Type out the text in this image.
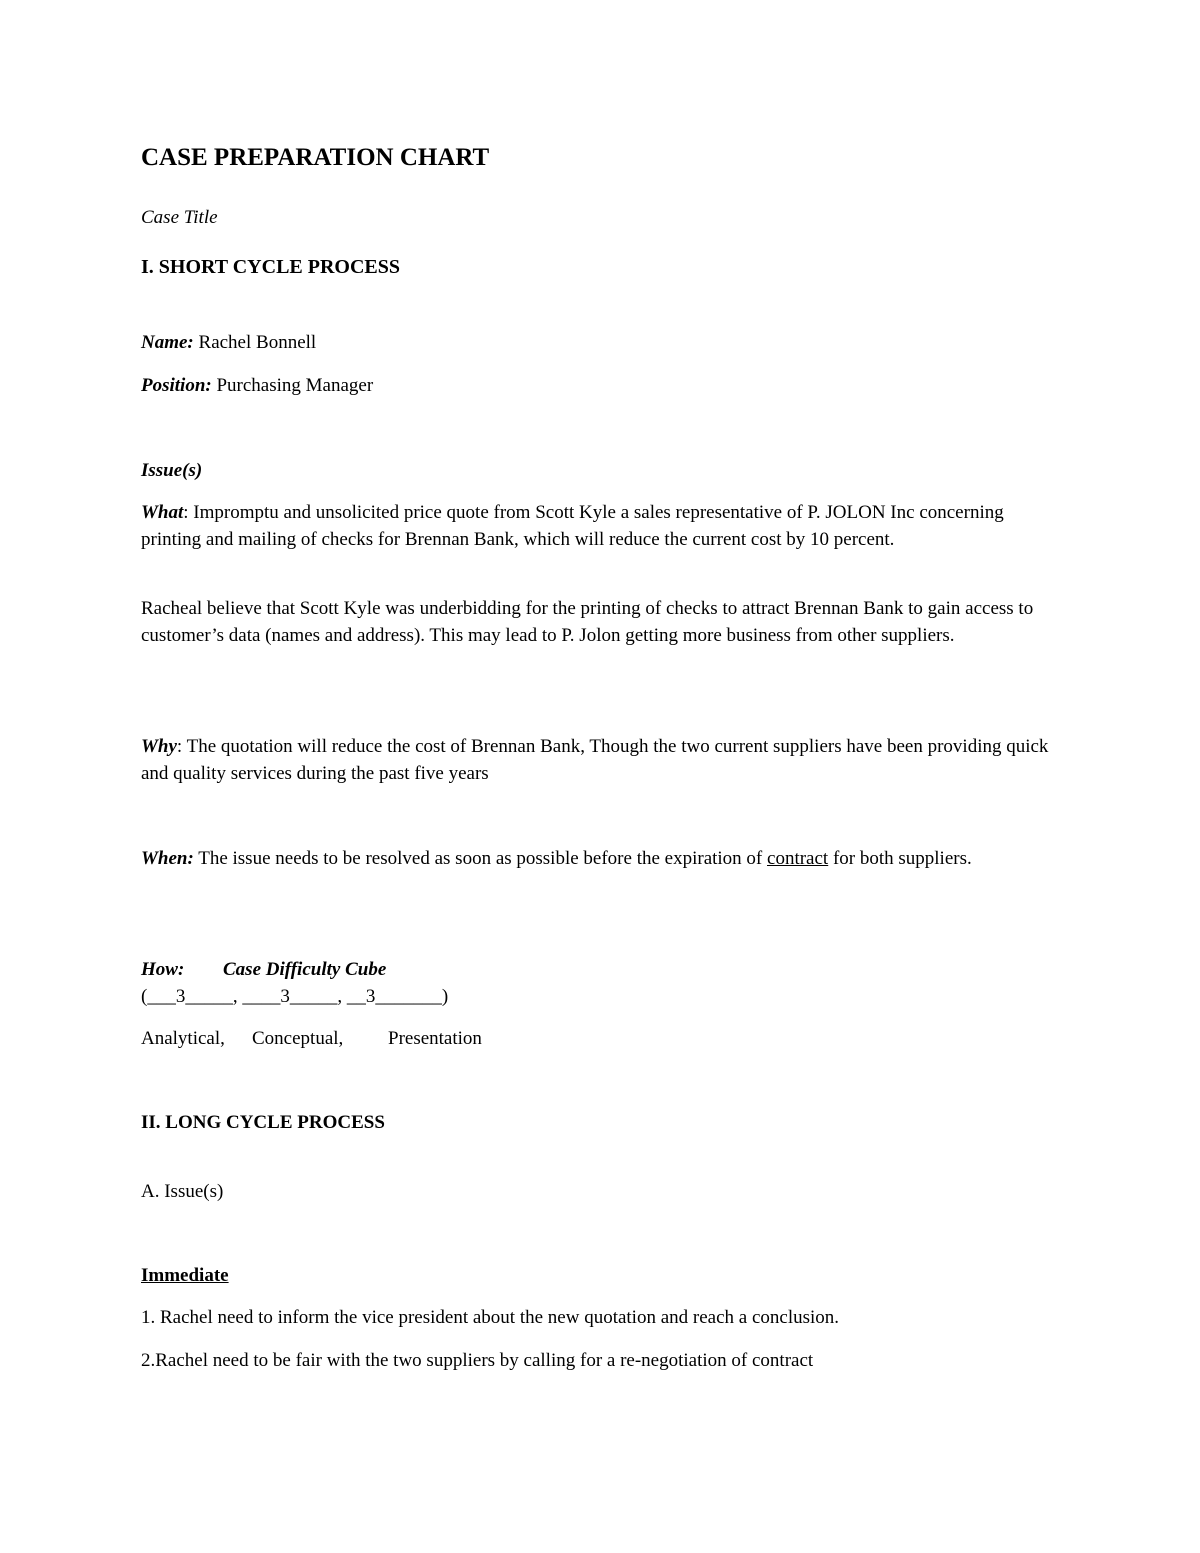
CASE PREPARATION CHART

Case Title

I. SHORT CYCLE PROCESS

Name: Rachel Bonnell

Position: Purchasing Manager

Issue(s)

What: Impromptu and unsolicited price quote from Scott Kyle a sales representative of P. JOLON Inc concerning printing and mailing of checks for Brennan Bank, which will reduce the current cost by 10 percent.

Racheal believe that Scott Kyle was underbidding for the printing of checks to attract Brennan Bank to gain access to customer’s data (names and address). This may lead to P. Jolon getting more business from other suppliers.

Why: The quotation will reduce the cost of Brennan Bank, Though the two current suppliers have been providing quick and quality services during the past five years

When: The issue needs to be resolved as soon as possible before the expiration of contract for both suppliers.

How: Case Difficulty Cube

(___3_____, ____3_____, __3_______)

Analytical, Conceptual, Presentation

II. LONG CYCLE PROCESS

A. Issue(s)

Immediate

1. Rachel need to inform the vice president about the new quotation and reach a conclusion.

2.Rachel need to be fair with the two suppliers by calling for a re-negotiation of contract
